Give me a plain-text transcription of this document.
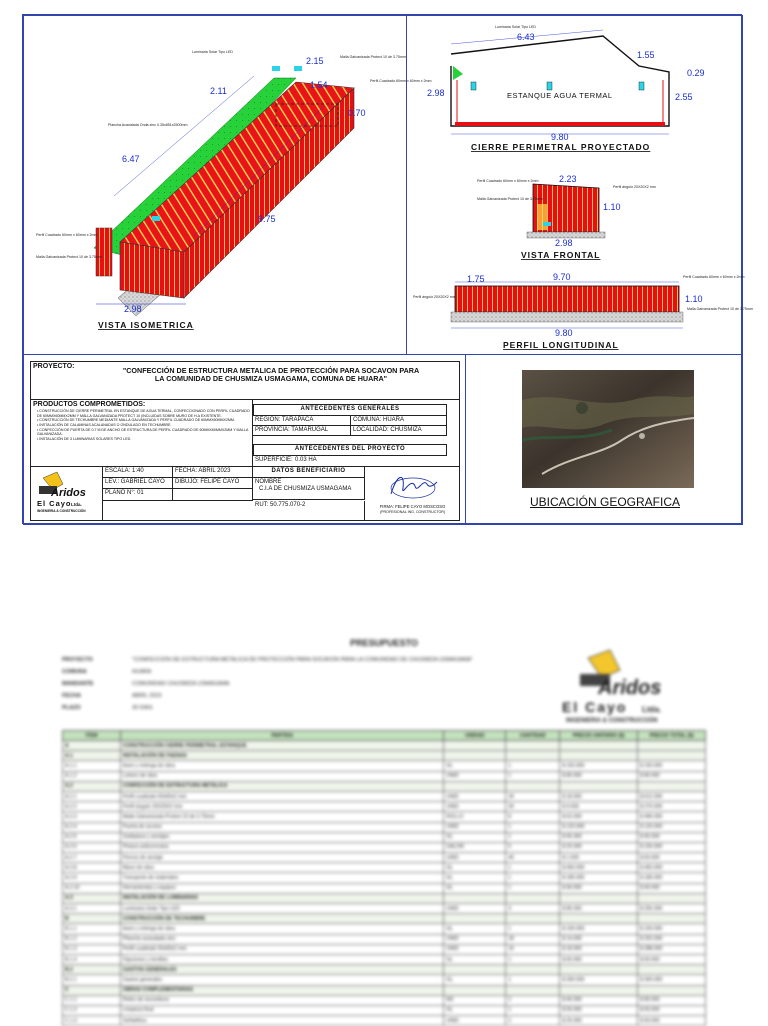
2.15
2.11
1.54
0.70
6.47
9.75
2.98
Luminaria Solar Tipo LED
Malla Galvanizada Protect 10 de 3.75mm
Perfil Cuadrado 60mm x 60mm x 2mm
Plancha Acanalada Onda zinc 0.35x851x2500mm
Perfil Cuadrado 60mm x 60mm x 2mm
Malla Galvanizada Protect 10 de 3.75mm
VISTA ISOMETRICA
Luminaria Solar Tipo LED
6.43
1.55
0.29
2.98	2.55
9.80
ESTANQUE AGUA TERMAL
CIERRE PERIMETRAL PROYECTADO
2.23
1.10
2.98
Perfil Cuadrado 60mm x 60mm x 2mm
Malla Galvanizada Protect 10 de 3.75mm
Perfil ángulo 20X20X2 mm
VISTA FRONTAL
1.75	9.70
1.10
9.80
Perfil ángulo 20X20X2 mm
Perfil Cuadrado 60mm x 60mm x 2mm
Malla Galvanizada Protect 10 de 3.75mm
PERFIL LONGITUDINAL
PROYECTO:	"CONFECCIÓN DE ESTRUCTURA METALICA DE PROTECCIÓN PARA SOCAVON PARA
LA COMUNIDAD DE CHUSMIZA USMAGAMA, COMUNA DE HUARA"
PRODUCTOS COMPROMETIDOS:
• CONSTRUCCIÓN DE CIERRE PERIMETRAL EN ESTANQUE DE AGUA TERMAL, CONFECCIONADO CON PERFIL CUADRADO DE 60MMX60MMX2MM Y MALLA GALVANIZADA PROTECT 10 (INCLUIDAS SOBRE MURO DE H.A EXISTENTE.
• CONSTRUCCIÓN DE TECHUMBRE MEDIANTE MALLA GALVANIZADA Y PERFIL CUADRADO DE 60MMX60MMX2MM.
• INSTALACIÓN DE CALAMINAS ACALANADAS O ONDULADO EN TECHUMBRE.
• CONFECCIÓN DE PUERTA DE 0.7 M DE ANCHO DE ESTRUCTURA DE PERFIL CUADRADO DE 60MMX60MMX2MM Y MALLA GALVANIZADA.
• INSTALACIÓN DE 3 LUMINARIAS SOLARES TIPO LED.
ANTECEDENTES GENERALES
REGIÓN: TARAPACA	COMUNA: HUARA
PROVINCIA: TAMARUGAL	LOCALIDAD: CHUSMIZA
ANTECEDENTES DEL PROYECTO
SUPERFICIE: 0.03 HA
Aridos
El Cayo Ltda.
INGENIERIA & CONSTRUCCIÓN
ESCALA: 1:40	FECHA: ABRIL 2023
LEV.: GABRIEL CAYO	DIBUJO: FELIPE CAYO
PLANO N°: 01
DATOS BENEFICIARIO
NOMBRE
C.I.A DE CHUSMIZA USMAGAMA
RUT: 50.775.070-2	FIRMA: FELIPE CAYO MOSCOSO
(PROFESIONAL ING. CONSTRUCTOR)
UBICACIÓN GEOGRAFICA
PRESUPUESTO
PROYECTO	"CONFECCIÓN DE ESTRUCTURA METALICA DE PROTECCIÓN PARA SOCAVON PARA LA COMUNIDAD DE CHUSMIZA USMAGAMA"
COMUNA	HUARA
MANDANTE	COMUNIDAD CHUSMIZA USMAGAMA
FECHA	ABRIL 2023
PLAZO	30 DIAS
Aridos
El Cayo Ltda.
INGENIERIA & CONSTRUCCIÓN
ITEM	PARTIDA	UNIDAD	CANTIDAD	PRECIO UNITARIO ($)	PRECIO TOTAL ($)
A	CONSTRUCCIÓN CIERRE PERIMETRAL ESTANQUE				
A.1	INSTALACIÓN DE FAENAS				
A.1.1	Aseo y entrega de obra	GL	1	$ 150.000	$ 150.000
A.1.2	Letrero de obra	UNID	1	$ 80.000	$ 80.000
A.2	CONFECCIÓN DE ESTRUCTURA METALICA				
A.2.1	Perfil cuadrado 60x60x2 mm	UNID	34	$ 18.000	$ 612.000
A.2.2	Perfil ángulo 20X20X2 mm	UNID	30	$ 9.000	$ 270.000
A.2.3	Malla Galvanizada Protect 10 de 3.75mm	ROLLO	8	$ 62.000	$ 496.000
A.2.4	Puerta de acceso	UNID	1	$ 120.000	$ 120.000
A.2.5	Soldadura y anclajes	GL	1	$ 95.000	$ 95.000
A.2.6	Pintura anticorrosiva	GALON	6	$ 25.000	$ 150.000
A.2.7	Pernos de anclaje	UNID	40	$ 1.500	$ 60.000
A.2.8	Mano de obra	GL	1	$ 450.000	$ 450.000
A.2.9	Transporte de materiales	GL	1	$ 180.000	$ 180.000
A.2.10	Herramientas y equipos	GL	1	$ 90.000	$ 90.000
A.3	INSTALACIÓN DE LUMINARIAS				
A.3.1	Luminaria Solar Tipo LED	UNID	3	$ 85.000	$ 255.000
B	CONSTRUCCIÓN DE TECHUMBRE				
B.1.1	Aseo y entrega de obra	GL	1	$ 100.000	$ 100.000
B.1.2	Plancha acanalada zinc	UNID	18	$ 14.000	$ 252.000
B.1.3	Perfil cuadrado 60x60x2 mm	UNID	16	$ 18.000	$ 288.000
B.1.4	Fijaciones y tornillos	GL	1	$ 60.000	$ 60.000
B.2	GASTOS GENERALES				
B.2.1	Gastos generales	GL	1	$ 300.000	$ 300.000
C	OBRAS COMPLEMENTARIAS				
C.1.1	Retiro de escombros	M3	2	$ 40.000	$ 80.000
C.1.2	Limpieza final	GL	1	$ 50.000	$ 50.000
C.1.3	Señalética	UNID	2	$ 25.000	$ 50.000
